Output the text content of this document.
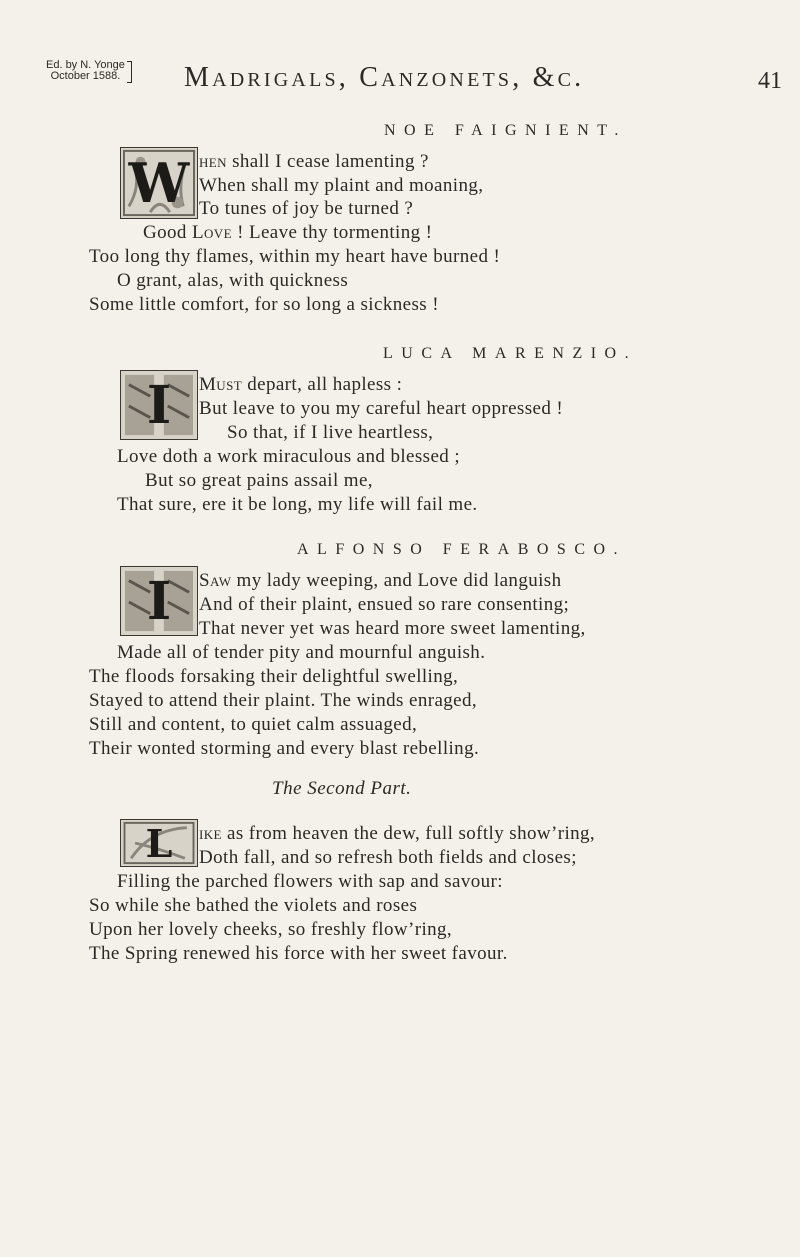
Ed. by N. Yonge
October 1588. Madrigals, Canzonets, &c.	41
NOE FAIGNIENT.
W hen shall I cease lamenting ?
When shall my plaint and moaning,
To tunes of joy be turned ?
Good Love ! Leave thy tormenting !
Too long thy flames, within my heart have burned !
O grant, alas, with quickness
Some little comfort, for so long a sickness !
LUCA MARENZIO.
I Must depart, all hapless :
But leave to you my careful heart oppressed !
So that, if I live heartless,
Love doth a work miraculous and blessed ;
But so great pains assail me,
That sure, ere it be long, my life will fail me.
ALFONSO FERABOSCO.
I Saw my lady weeping, and Love did languish
And of their plaint, ensued so rare consenting;
That never yet was heard more sweet lamenting,
Made all of tender pity and mournful anguish.
The floods forsaking their delightful swelling,
Stayed to attend their plaint. The winds enraged,
Still and content, to quiet calm assuaged,
Their wonted storming and every blast rebelling.
The Second Part.
L ike as from heaven the dew, full softly show’ring,
Doth fall, and so refresh both fields and closes;
Filling the parched flowers with sap and savour:
So while she bathed the violets and roses
Upon her lovely cheeks, so freshly flow’ring,
The Spring renewed his force with her sweet favour.
